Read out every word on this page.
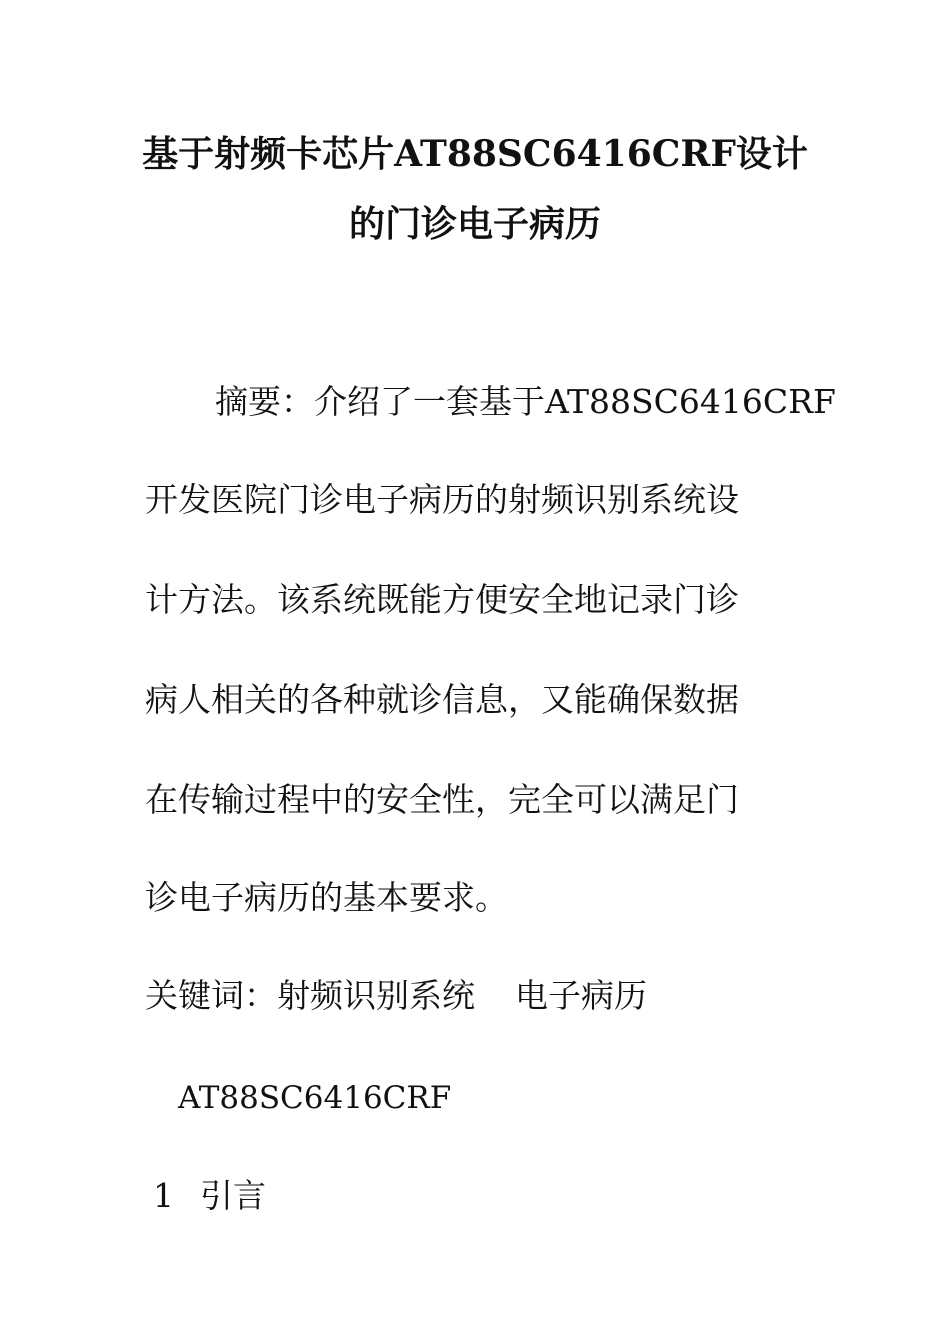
基于射频卡芯片AT88SC6416CRF设计
的门诊电子病历
摘要：介绍了一套基于AT88SC6416CRF
开发医院门诊电子病历的射频识别系统设
计方法。该系统既能方便安全地记录门诊
病人相关的各种就诊信息，又能确保数据
在传输过程中的安全性，完全可以满足门
诊电子病历的基本要求。
关键词：射频识别系统 电子病历
AT88SC6416CRF
1 引言
